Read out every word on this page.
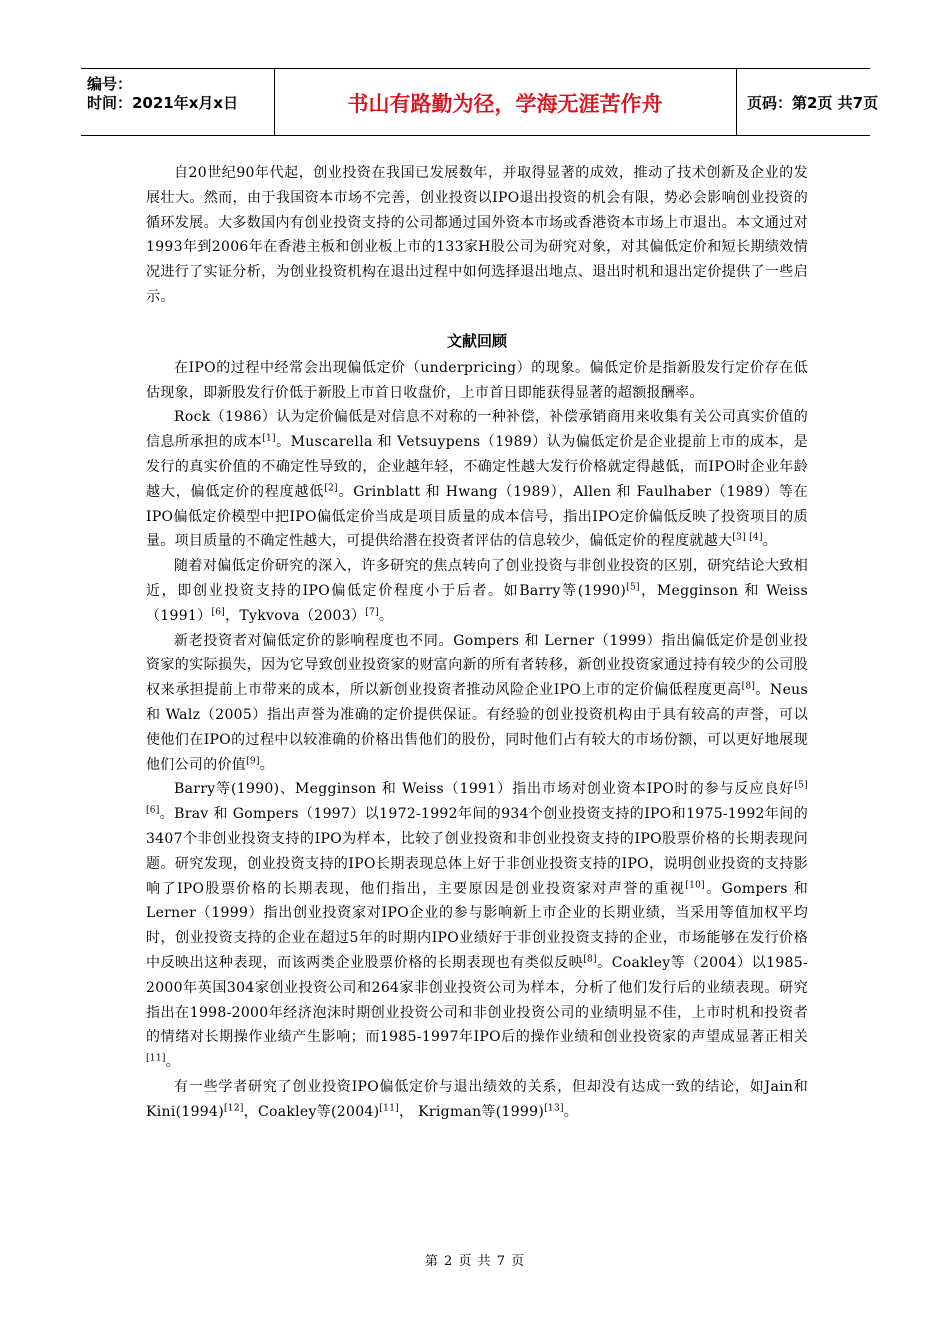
编号：
时间：2021年x月x日	书山有路勤为径，学海无涯苦作舟	页码：第2页 共7页

自20世纪90年代起，创业投资在我国已发展数年，并取得显著的成效，推动了技术创新及企业的发展壮大。然而，由于我国资本市场不完善，创业投资以IPO退出投资的机会有限，势必会影响创业投资的循环发展。大多数国内有创业投资支持的公司都通过国外资本市场或香港资本市场上市退出。本文通过对1993年到2006年在香港主板和创业板上市的133家H股公司为研究对象，对其偏低定价和短长期绩效情况进行了实证分析，为创业投资机构在退出过程中如何选择退出地点、退出时机和退出定价提供了一些启示。

文献回顾

在IPO的过程中经常会出现偏低定价（underpricing）的现象。偏低定价是指新股发行定价存在低估现象，即新股发行价低于新股上市首日收盘价，上市首日即能获得显著的超额报酬率。

Rock（1986）认为定价偏低是对信息不对称的一种补偿，补偿承销商用来收集有关公司真实价值的信息所承担的成本[1]。Muscarella 和 Vetsuypens（1989）认为偏低定价是企业提前上市的成本，是发行的真实价值的不确定性导致的，企业越年轻，不确定性越大发行价格就定得越低，而IPO时企业年龄越大，偏低定价的程度越低[2]。Grinblatt 和 Hwang（1989），Allen 和 Faulhaber（1989）等在IPO偏低定价模型中把IPO偏低定价当成是项目质量的成本信号，指出IPO定价偏低反映了投资项目的质量。项目质量的不确定性越大，可提供给潜在投资者评估的信息较少，偏低定价的程度就越大[3] [4]。

随着对偏低定价研究的深入，许多研究的焦点转向了创业投资与非创业投资的区别，研究结论大致相近，即创业投资支持的IPO偏低定价程度小于后者。如Barry等(1990)[5]，Megginson 和 Weiss（1991）[6]，Tykvova（2003）[7]。

新老投资者对偏低定价的影响程度也不同。Gompers 和 Lerner（1999）指出偏低定价是创业投资家的实际损失，因为它导致创业投资家的财富向新的所有者转移，新创业投资家通过持有较少的公司股权来承担提前上市带来的成本，所以新创业投资者推动风险企业IPO上市的定价偏低程度更高[8]。Neus 和 Walz（2005）指出声誉为准确的定价提供保证。有经验的创业投资机构由于具有较高的声誉，可以使他们在IPO的过程中以较准确的价格出售他们的股份，同时他们占有较大的市场份额，可以更好地展现他们公司的价值[9]。

Barry等(1990)、Megginson 和 Weiss（1991）指出市场对创业资本IPO时的参与反应良好[5] [6]。Brav 和 Gompers（1997）以1972-1992年间的934个创业投资支持的IPO和1975-1992年间的3407个非创业投资支持的IPO为样本，比较了创业投资和非创业投资支持的IPO股票价格的长期表现问题。研究发现，创业投资支持的IPO长期表现总体上好于非创业投资支持的IPO，说明创业投资的支持影响了IPO股票价格的长期表现，他们指出，主要原因是创业投资家对声誉的重视[10]。Gompers 和 Lerner（1999）指出创业投资家对IPO企业的参与影响新上市企业的长期业绩，当采用等值加权平均时，创业投资支持的企业在超过5年的时期内IPO业绩好于非创业投资支持的企业，市场能够在发行价格中反映出这种表现，而该两类企业股票价格的长期表现也有类似反映[8]。Coakley等（2004）以1985-2000年英国304家创业投资公司和264家非创业投资公司为样本，分析了他们发行后的业绩表现。研究指出在1998-2000年经济泡沫时期创业投资公司和非创业投资公司的业绩明显不佳，上市时机和投资者的情绪对长期操作业绩产生影响；而1985-1997年IPO后的操作业绩和创业投资家的声望成显著正相关[11]。

有一些学者研究了创业投资IPO偏低定价与退出绩效的关系，但却没有达成一致的结论，如Jain和Kini(1994)[12]，Coakley等(2004)[11]， Krigman等(1999)[13]。

第 2 页 共 7 页
